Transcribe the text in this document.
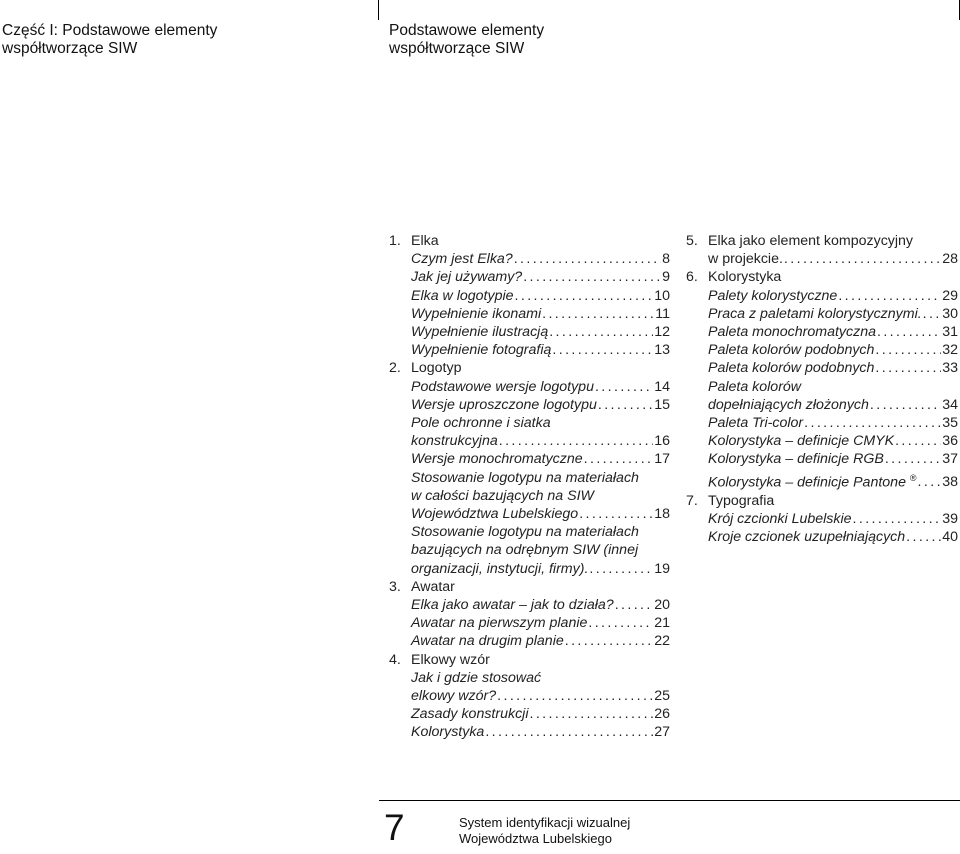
Część I: Podstawowe elementy
współtworzące SIW
Podstawowe elementy
współtworzące SIW
1. Elka
Czym jest Elka? .....	8
Jak jej używamy? .....	9
Elka w logotypie .....	10
Wypełnienie ikonami .....	11
Wypełnienie ilustracją .....	12
Wypełnienie fotografią .....	13
2. Logotyp
Podstawowe wersje logotypu .....	14
Wersje uproszczone logotypu .....	15
Pole ochronne i siatka
konstrukcyjna .....	16
Wersje monochromatyczne .....	17
Stosowanie logotypu na materiałach
w całości bazujących na SIW
Województwa Lubelskiego .....	18
Stosowanie logotypu na materiałach
bazujących na odrębnym SIW (innej
organizacji, instytucji, firmy). .....	19
3. Awatar
Elka jako awatar – jak to działa? .....	20
Awatar na pierwszym planie .....	21
Awatar na drugim planie .....	22
4. Elkowy wzór
Jak i gdzie stosować
elkowy wzór? .....	25
Zasady konstrukcji .....	26
Kolorystyka .....	27
5. Elka jako element kompozycyjny
w projekcie. .....	28
6. Kolorystyka
Palety kolorystyczne .....	29
Praca z paletami kolorystycznymi. ..... 30
Paleta monochromatyczna .....	31
Paleta kolorów podobnych .....	32
Paleta kolorów podobnych .....	33
Paleta kolorów
dopełniających złożonych .....	34
Paleta Tri-color .....	35
Kolorystyka – definicje CMYK .....	36
Kolorystyka – definicje RGB .....	37
Kolorystyka – definicje Pantone ® ..... 38
7. Typografia
Krój czcionki Lubelskie .....	39
Kroje czcionek uzupełniających .....	40
7	System identyfikacji wizualnej
Województwa Lubelskiego
